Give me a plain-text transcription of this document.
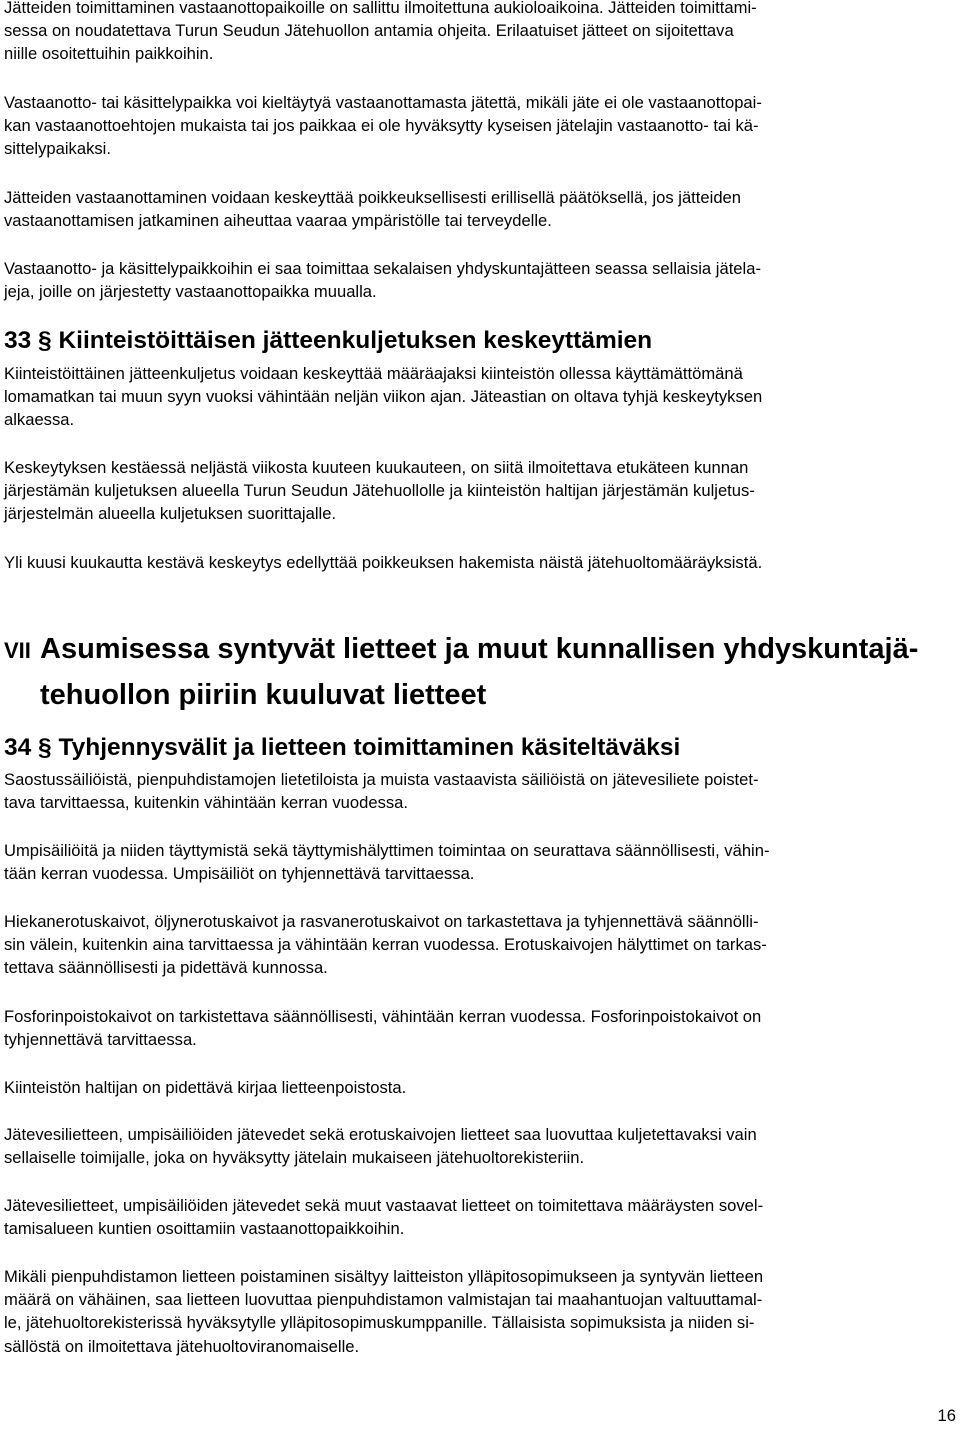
Jätteiden toimittaminen vastaanottopaikoille on sallittu ilmoitettuna aukioloaikoina. Jätteiden toimittami-
sessa on noudatettava Turun Seudun Jätehuollon antamia ohjeita. Erilaatuiset jätteet on sijoitettava
niille osoitettuihin paikkoihin.
Vastaanotto- tai käsittelypaikka voi kieltäytyä vastaanottamasta jätettä, mikäli jäte ei ole vastaanottopai-
kan vastaanottoehtojen mukaista tai jos paikkaa ei ole hyväksytty kyseisen jätelajin vastaanotto- tai kä-
sittelypaikaksi.
Jätteiden vastaanottaminen voidaan keskeyttää poikkeuksellisesti erillisellä päätöksellä, jos jätteiden
vastaanottamisen jatkaminen aiheuttaa vaaraa ympäristölle tai terveydelle.
Vastaanotto- ja käsittelypaikkoihin ei saa toimittaa sekalaisen yhdyskuntajätteen seassa sellaisia jätela-
jeja, joille on järjestetty vastaanottopaikka muualla.
33 § Kiinteistöittäisen jätteenkuljetuksen keskeyttämien
Kiinteistöittäinen jätteenkuljetus voidaan keskeyttää määräajaksi kiinteistön ollessa käyttämättömänä
lomamatkan tai muun syyn vuoksi vähintään neljän viikon ajan. Jäteastian on oltava tyhjä keskeytyksen
alkaessa.
Keskeytyksen kestäessä neljästä viikosta kuuteen kuukauteen, on siitä ilmoitettava etukäteen kunnan
järjestämän kuljetuksen alueella Turun Seudun Jätehuollolle ja kiinteistön haltijan järjestämän kuljetus-
järjestelmän alueella kuljetuksen suorittajalle.
Yli kuusi kuukautta kestävä keskeytys edellyttää poikkeuksen hakemista näistä jätehuoltomääräyksistä.
VII Asumisessa syntyvät lietteet ja muut kunnallisen yhdyskuntajä-
tehuollon piiriin kuuluvat lietteet
34 § Tyhjennysvälit ja lietteen toimittaminen käsiteltäväksi
Saostussäiliöistä, pienpuhdistamojen lietetiloista ja muista vastaavista säiliöistä on jätevesiliete poistet-
tava tarvittaessa, kuitenkin vähintään kerran vuodessa.
Umpisäiliöitä ja niiden täyttymistä sekä täyttymishälyttimen toimintaa on seurattava säännöllisesti, vähin-
tään kerran vuodessa. Umpisäiliöt on tyhjennettävä tarvittaessa.
Hiekanerotuskaivot, öljynerotuskaivot ja rasvanerotuskaivot on tarkastettava ja tyhjennettävä säännölli-
sin välein, kuitenkin aina tarvittaessa ja vähintään kerran vuodessa. Erotuskaivojen hälyttimet on tarkas-
tettava säännöllisesti ja pidettävä kunnossa.
Fosforinpoistokaivot on tarkistettava säännöllisesti, vähintään kerran vuodessa. Fosforinpoistokaivot on
tyhjennettävä tarvittaessa.
Kiinteistön haltijan on pidettävä kirjaa lietteenpoistosta.
Jätevesilietteen, umpisäiliöiden jätevedet sekä erotuskaivojen lietteet saa luovuttaa kuljetettavaksi vain
sellaiselle toimijalle, joka on hyväksytty jätelain mukaiseen jätehuoltorekisteriin.
Jätevesilietteet, umpisäiliöiden jätevedet sekä muut vastaavat lietteet on toimitettava määräysten sovel-
tamisalueen kuntien osoittamiin vastaanottopaikkoihin.
Mikäli pienpuhdistamon lietteen poistaminen sisältyy laitteiston ylläpitosopimukseen ja syntyvän lietteen
määrä on vähäinen, saa lietteen luovuttaa pienpuhdistamon valmistajan tai maahantuojan valtuuttamal-
le, jätehuoltorekisterissä hyväksytylle ylläpitosopimuskumppanille. Tällaisista sopimuksista ja niiden si-
sällöstä on ilmoitettava jätehuoltoviranomaiselle.
16
